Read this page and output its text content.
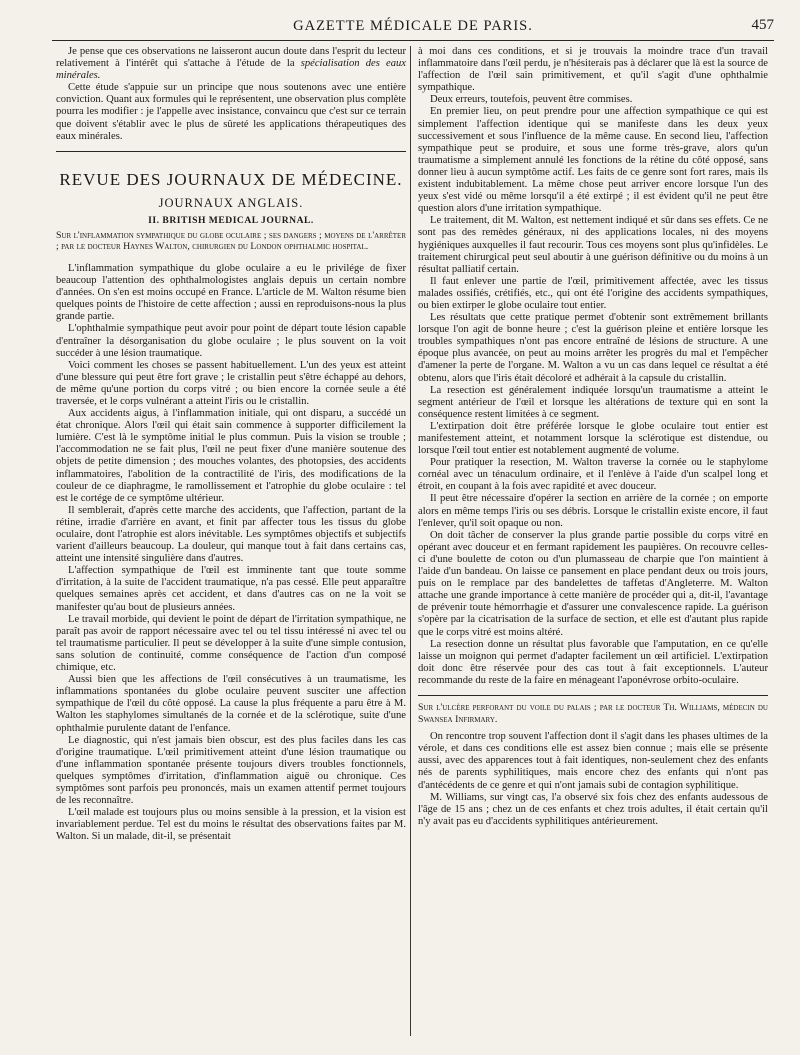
GAZETTE MÉDICALE DE PARIS.	457

Je pense que ces observations ne laisseront aucun doute dans l'esprit du lecteur relativement à l'intérêt qui s'attache à l'étude de la spécialisation des eaux minérales.

Cette étude s'appuie sur un principe que nous soutenons avec une entière conviction. Quant aux formules qui le représentent, une observation plus complète pourra les modifier : je l'appelle avec insistance, convaincu que c'est sur ce terrain que doivent s'établir avec le plus de sûreté les applications thérapeutiques des eaux minérales.

REVUE DES JOURNAUX DE MÉDECINE.
JOURNAUX ANGLAIS.
II. BRITISH MEDICAL JOURNAL.

Sur l'inflammation sympathique du globe oculaire ; ses dangers ; moyens de l'arrêter ; par le docteur Haynes Walton, chirurgien du London ophthalmic hospital.

L'inflammation sympathique du globe oculaire a eu le privilége de fixer beaucoup l'attention des ophthalmologistes anglais depuis un certain nombre d'années. On s'en est moins occupé en France. L'article de M. Walton résume bien quelques points de l'histoire de cette affection ; aussi en reproduisons-nous la plus grande partie.

L'ophthalmie sympathique peut avoir pour point de départ toute lésion capable d'entraîner la désorganisation du globe oculaire ; le plus souvent on la voit succéder à une lésion traumatique.

Voici comment les choses se passent habituellement. L'un des yeux est atteint d'une blessure qui peut être fort grave ; le cristallin peut s'être échappé au dehors, de même qu'une portion du corps vitré ; ou bien encore la cornée seule a été traversée, et le corps vulnérant a atteint l'iris ou le cristallin.

Aux accidents aigus, à l'inflammation initiale, qui ont disparu, a succédé un état chronique. Alors l'œil qui était sain commence à supporter difficilement la lumière. C'est là le symptôme initial le plus commun. Puis la vision se trouble ; l'accommodation ne se fait plus, l'œil ne peut fixer d'une manière soutenue des objets de petite dimension ; des mouches volantes, des photopsies, des accidents inflammatoires, l'abolition de la contractilité de l'iris, des modifications de la couleur de ce diaphragme, le ramollissement et l'atrophie du globe oculaire : tel est le cortége de ce symptôme ultérieur.

Il semblerait, d'après cette marche des accidents, que l'affection, partant de la rétine, irradie d'arrière en avant, et finit par affecter tous les tissus du globe oculaire, dont l'atrophie est alors inévitable. Les symptômes objectifs et subjectifs varient d'ailleurs beaucoup. La douleur, qui manque tout à fait dans certains cas, atteint une intensité singulière dans d'autres.

L'affection sympathique de l'œil est imminente tant que toute somme d'irritation, à la suite de l'accident traumatique, n'a pas cessé. Elle peut apparaître quelques semaines après cet accident, et dans d'autres cas on ne la voit se manifester qu'au bout de plusieurs années.

Le travail morbide, qui devient le point de départ de l'irritation sympathique, ne paraît pas avoir de rapport nécessaire avec tel ou tel tissu intéressé ni avec tel ou tel traumatisme particulier. Il peut se développer à la suite d'une simple contusion, sans solution de continuité, comme conséquence de l'action d'un composé chimique, etc.

Aussi bien que les affections de l'œil consécutives à un traumatisme, les inflammations spontanées du globe oculaire peuvent susciter une affection sympathique de l'œil du côté opposé. La cause la plus fréquente a paru être à M. Walton les staphylomes simultanés de la cornée et de la sclérotique, suite d'une ophthalmie purulente datant de l'enfance.

Le diagnostic, qui n'est jamais bien obscur, est des plus faciles dans les cas d'origine traumatique. L'œil primitivement atteint d'une lésion traumatique ou d'une inflammation spontanée présente toujours divers troubles fonctionnels, quelques symptômes d'irritation, d'inflammation aiguë ou chronique. Ces symptômes sont parfois peu prononcés, mais un examen attentif permet toujours de les reconnaître.

L'œil malade est toujours plus ou moins sensible à la pression, et la vision est invariablement perdue. Tel est du moins le résultat des observations faites par M. Walton. Si un malade, dit-il, se présentait

à moi dans ces conditions, et si je trouvais la moindre trace d'un travail inflammatoire dans l'œil perdu, je n'hésiterais pas à déclarer que là est la source de l'affection de l'œil sain primitivement, et qu'il s'agit d'une ophthalmie sympathique.

Deux erreurs, toutefois, peuvent être commises.

En premier lieu, on peut prendre pour une affection sympathique ce qui est simplement l'affection identique qui se manifeste dans les deux yeux successivement et sous l'influence de la même cause. En second lieu, l'affection sympathique peut se produire, et sous une forme très-grave, alors qu'un traumatisme a simplement annulé les fonctions de la rétine du côté opposé, sans donner lieu à aucun symptôme actif. Les faits de ce genre sont fort rares, mais ils existent indubitablement. La même chose peut arriver encore lorsque l'un des yeux s'est vidé ou même lorsqu'il a été extirpé ; il est évident qu'il ne peut être question alors d'une irritation sympathique.

Le traitement, dit M. Walton, est nettement indiqué et sûr dans ses effets. Ce ne sont pas des remèdes généraux, ni des applications locales, ni des moyens hygiéniques auxquelles il faut recourir. Tous ces moyens sont plus qu'infidèles. Le traitement chirurgical peut seul aboutir à une guérison définitive ou du moins à un résultat palliatif certain.

Il faut enlever une partie de l'œil, primitivement affectée, avec les tissus malades ossifiés, crétifiés, etc., qui ont été l'origine des accidents sympathiques, ou bien extirper le globe oculaire tout entier.

Les résultats que cette pratique permet d'obtenir sont extrêmement brillants lorsque l'on agit de bonne heure ; c'est la guérison pleine et entière lorsque les troubles sympathiques n'ont pas encore entraîné de lésions de structure. A une époque plus avancée, on peut au moins arrêter les progrès du mal et l'empêcher d'amener la perte de l'organe. M. Walton a vu un cas dans lequel ce résultat a été obtenu, alors que l'iris était décoloré et adhérait à la capsule du cristallin.

La resection est généralement indiquée lorsqu'un traumatisme a atteint le segment antérieur de l'œil et lorsque les altérations de texture qui en sont la conséquence restent limitées à ce segment.

L'extirpation doit être préférée lorsque le globe oculaire tout entier est manifestement atteint, et notamment lorsque la sclérotique est distendue, ou lorsque l'œil tout entier est notablement augmenté de volume.

Pour pratiquer la resection, M. Walton traverse la cornée ou le staphylome cornéal avec un ténaculum ordinaire, et il l'enlève à l'aide d'un scalpel long et étroit, en coupant à la fois avec rapidité et avec douceur.

Il peut être nécessaire d'opérer la section en arrière de la cornée ; on emporte alors en même temps l'iris ou ses débris. Lorsque le cristallin existe encore, il faut l'enlever, qu'il soit opaque ou non.

On doit tâcher de conserver la plus grande partie possible du corps vitré en opérant avec douceur et en fermant rapidement les paupières. On recouvre celles-ci d'une boulette de coton ou d'un plumasseau de charpie que l'on maintient à l'aide d'un bandeau. On laisse ce pansement en place pendant deux ou trois jours, puis on le remplace par des bandelettes de taffetas d'Angleterre. M. Walton attache une grande importance à cette manière de procéder qui a, dit-il, l'avantage de prévenir toute hémorrhagie et d'assurer une convalescence rapide. La guérison s'opère par la cicatrisation de la surface de section, et elle est d'autant plus rapide que le corps vitré est moins altéré.

La resection donne un résultat plus favorable que l'amputation, en ce qu'elle laisse un moignon qui permet d'adapter facilement un œil artificiel. L'extirpation doit donc être réservée pour des cas tout à fait exceptionnels. L'auteur recommande du reste de la faire en ménageant l'aponévrose orbito-oculaire.

Sur l'ulcère perforant du voile du palais ; par le docteur Th. Williams, médecin du Swansea Infirmary.

On rencontre trop souvent l'affection dont il s'agit dans les phases ultimes de la vérole, et dans ces conditions elle est assez bien connue ; mais elle se présente aussi, avec des apparences tout à fait identiques, non-seulement chez des enfants nés de parents syphilitiques, mais encore chez des enfants qui n'ont pas d'antécédents de ce genre et qui n'ont jamais subi de contagion syphilitique.

M. Williams, sur vingt cas, l'a observé six fois chez des enfants audessous de l'âge de 15 ans ; chez un de ces enfants et chez trois adultes, il était certain qu'il n'y avait pas eu d'accidents syphilitiques antérieurement.
